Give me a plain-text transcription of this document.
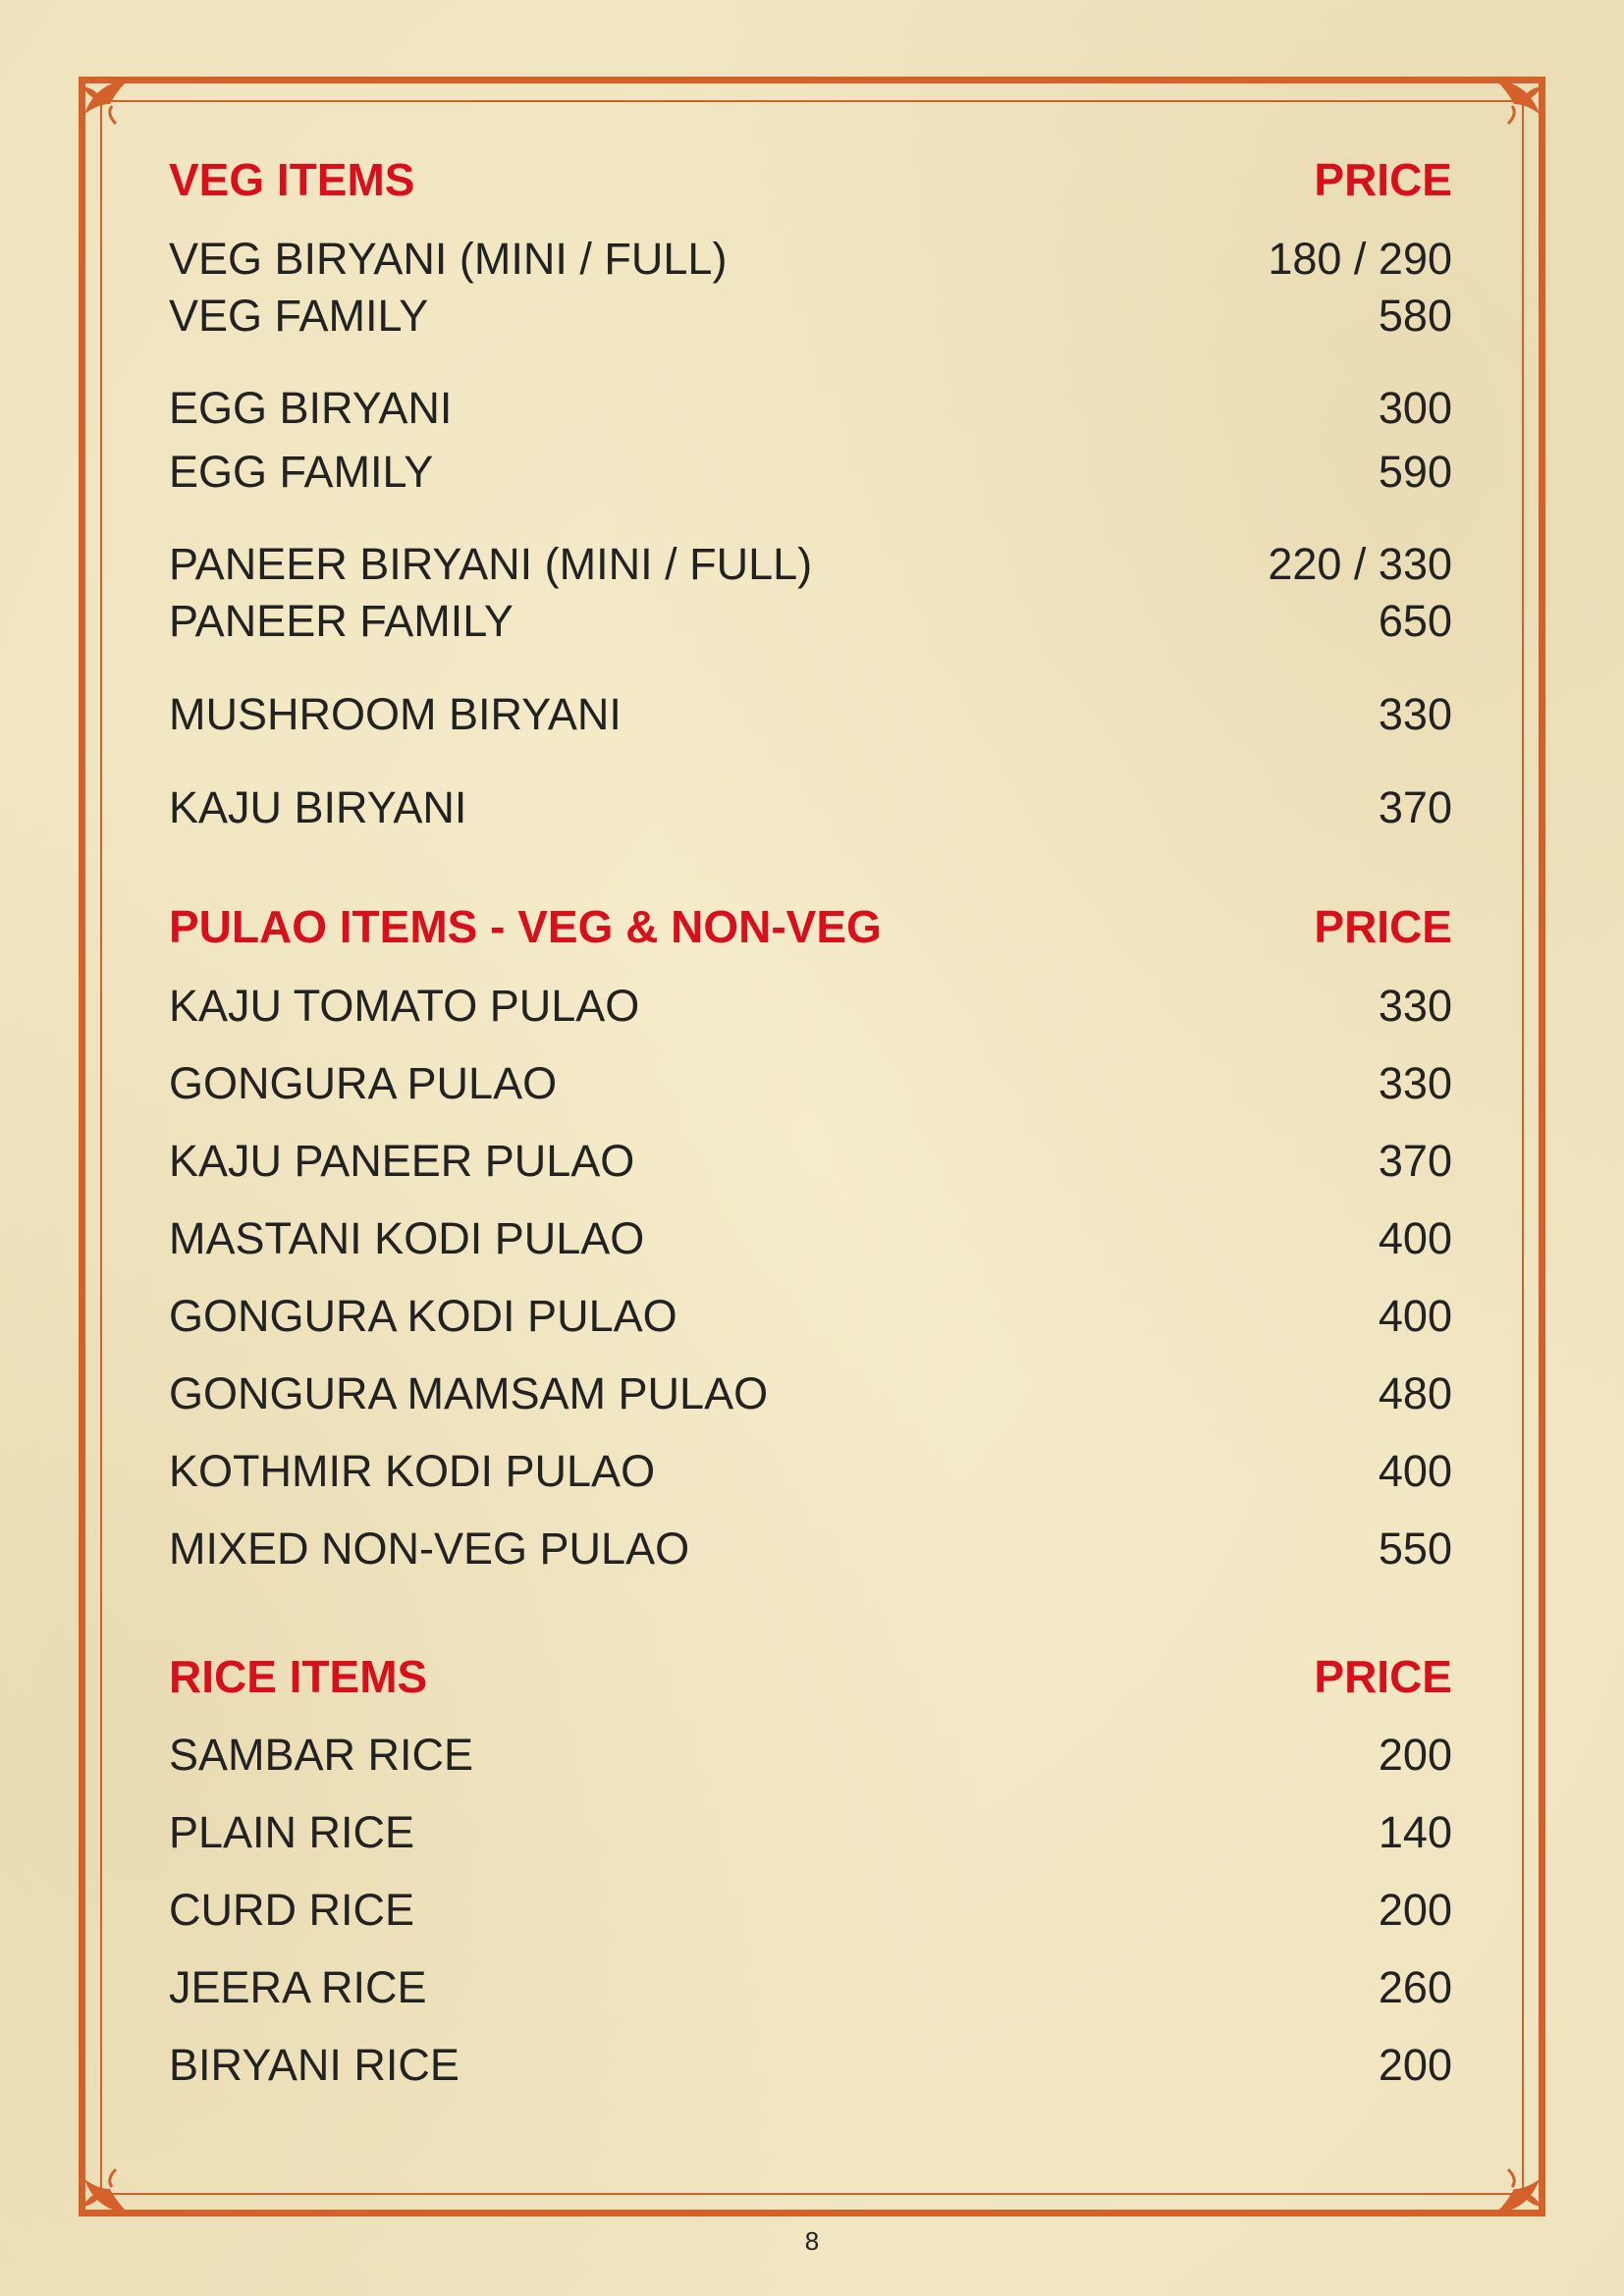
VEG ITEMS	PRICE
VEG BIRYANI (MINI / FULL)	180 / 290
VEG FAMILY	580
EGG BIRYANI	300
EGG FAMILY	590
PANEER BIRYANI (MINI / FULL)	220 / 330
PANEER FAMILY	650
MUSHROOM BIRYANI	330
KAJU BIRYANI	370
PULAO ITEMS - VEG & NON-VEG	PRICE
KAJU TOMATO PULAO	330
GONGURA PULAO	330
KAJU PANEER PULAO	370
MASTANI KODI PULAO	400
GONGURA KODI PULAO	400
GONGURA MAMSAM PULAO	480
KOTHMIR KODI PULAO	400
MIXED NON-VEG PULAO	550
RICE ITEMS	PRICE
SAMBAR RICE	200
PLAIN RICE	140
CURD RICE	200
JEERA RICE	260
BIRYANI RICE	200
8
